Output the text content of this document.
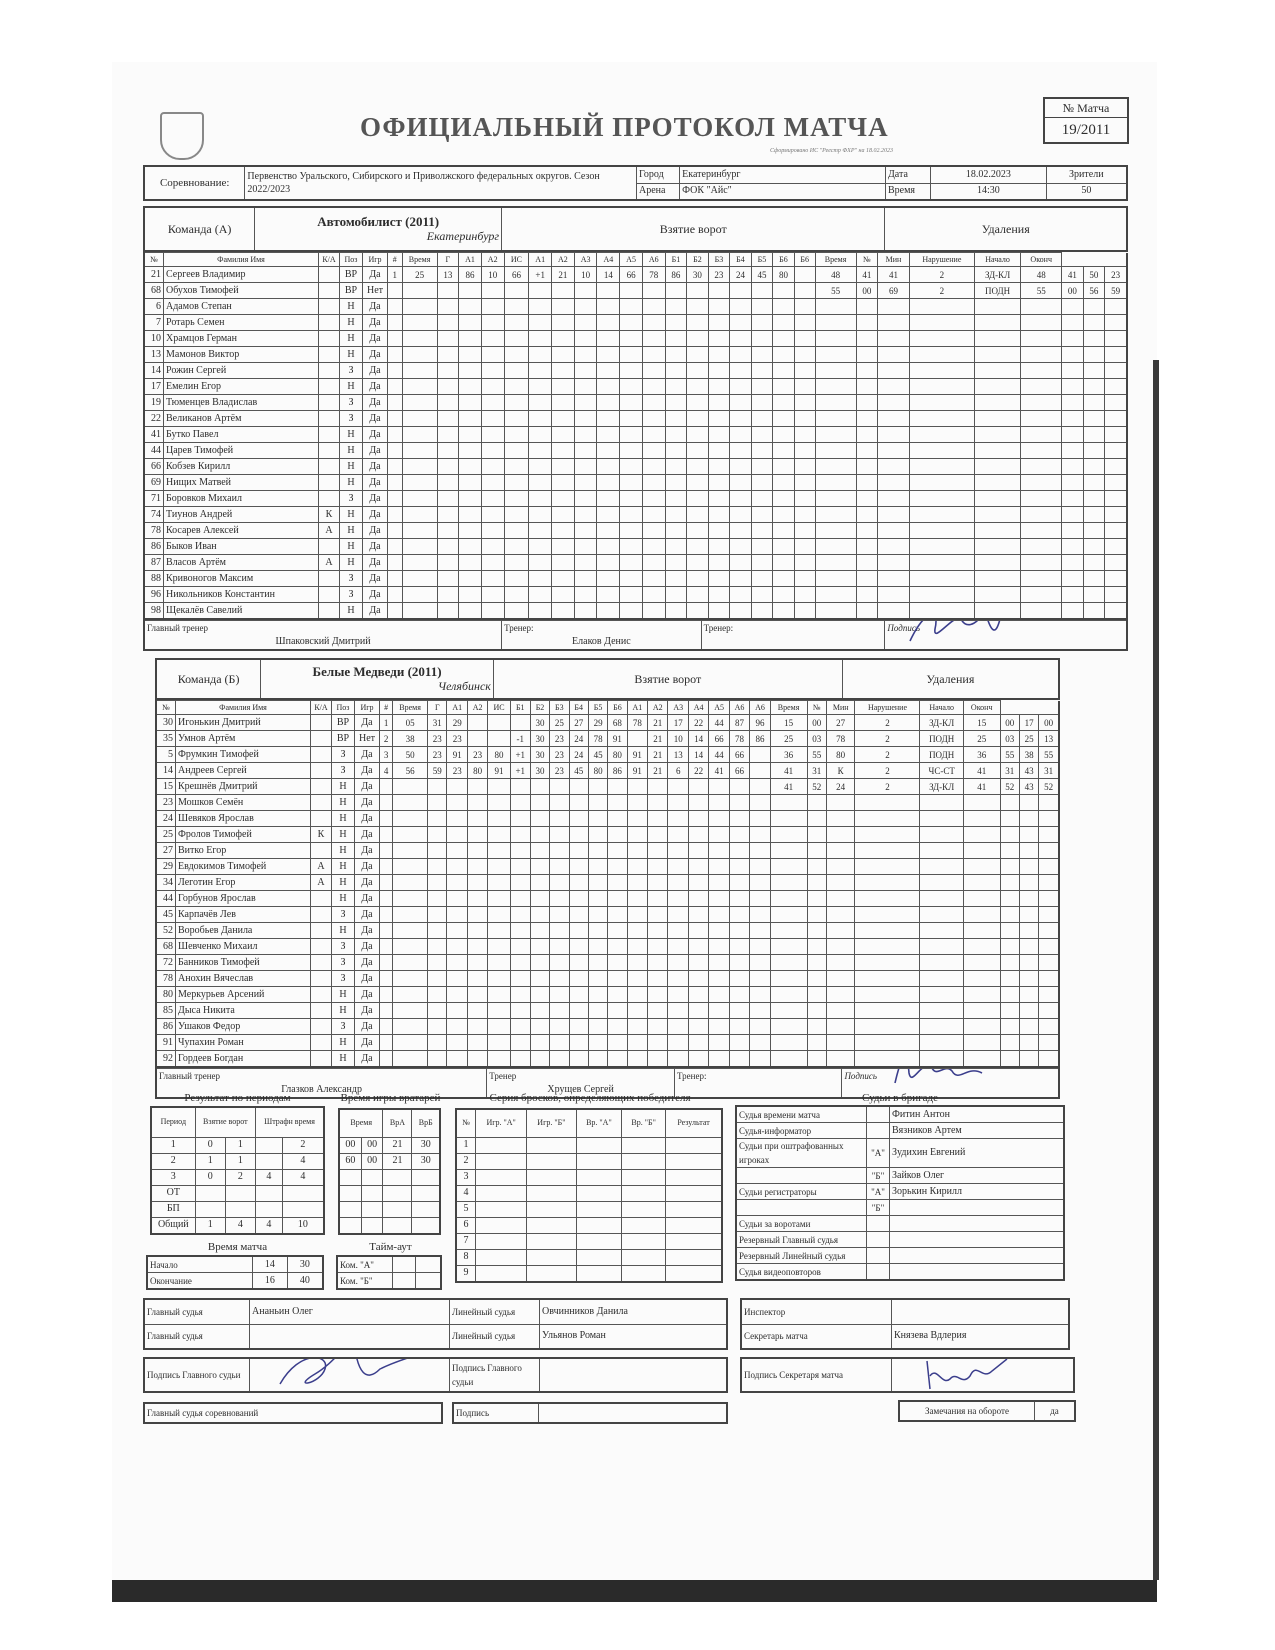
ОФИЦИАЛЬНЫЙ ПРОТОКОЛ МАТЧА
Сформировано ИС "Реестр ФХР" на 18.02.2023
№ Матча
19/2011
Соревнование:	Первенство Уральского, Сибирского и Приволжского федеральных округов. Сезон 2022/2023	Город	Екатеринбург	Дата	18.02.2023	Зрители
		Арена	ФОК "Айс"	Время	14:30	50
Команда (А)	Автомобилист (2011)
Екатеринбург	Взятие ворот	Удаления
№	Фамилия Имя	К/А	Поз	Игр	#	Время	Г	А1	А2	ИС	А1	А2	А3	А4	А5	А6	Б1	Б2	Б3	Б4	Б5	Б6	Б6	Время	№	Мин	Нарушение	Начало	Оконч			
21	Сергеев Владимир		ВР	Да	1	25	13	86	10	66	+1	21	10	14	66	78	86	30	23	24	45	80		48	41	41	2	ЗД-КЛ	48	41	50	23
68	Обухов Тимофей		ВР	Нет																				55	00	69	2	ПОДН	55	00	56	59
6	Адамов Степан		Н	Да																												
7	Ротарь Семен		Н	Да																												
10	Храмцов Герман		Н	Да																												
13	Мамонов Виктор		Н	Да																												
14	Рожин Сергей		З	Да																												
17	Емелин Егор		Н	Да																												
19	Тюменцев Владислав		З	Да																												
22	Великанов Артём		З	Да																												
41	Бутко Павел		Н	Да																												
44	Царев Тимофей		Н	Да																												
66	Кобзев Кирилл		Н	Да																												
69	Нищих Матвей		Н	Да																												
71	Боровков Михаил		З	Да																												
74	Тиунов Андрей	К	Н	Да																												
78	Косарев Алексей	А	Н	Да																												
86	Быков Иван		Н	Да																												
87	Власов Артём	А	Н	Да																												
88	Кривоногов Максим		З	Да																												
96	Никольников Константин		З	Да																												
98	Щекалёв Савелий		Н	Да																												
Главный тренер
Шпаковский Дмитрий

Тренер:
Елаков Денис
	Тренер:	Подпись
Команда (Б)	Белые Медведи (2011)
Челябинск	Взятие ворот	Удаления
№	Фамилия Имя	К/А	Поз	Игр	#	Время	Г	А1	А2	ИС	Б1	Б2	Б3	Б4	Б5	Б6	А1	А2	А3	А4	А5	А6	А6	Время	№	Мин	Нарушение	Начало	Оконч			
30	Игонькин Дмитрий		ВР	Да	1	05	31	29				30	25	27	29	68	78	21	17	22	44	87	96	15	00	27	2	ЗД-КЛ	15	00	17	00
35	Умнов Артём		ВР	Нет	2	38	23	23			-1	30	23	24	78	91		21	10	14	66	78	86	25	03	78	2	ПОДН	25	03	25	13
5	Фрумкин Тимофей		З	Да	3	50	23	91	23	80	+1	30	23	24	45	80	91	21	13	14	44	66		36	55	80	2	ПОДН	36	55	38	55
14	Андреев Сергей		З	Да	4	56	59	23	80	91	+1	30	23	45	80	86	91	21	6	22	41	66		41	31	К	2	ЧС-СТ	41	31	43	31
15	Крешнёв Дмитрий		Н	Да																				41	52	24	2	ЗД-КЛ	41	52	43	52
23	Мошков Семён		Н	Да																												
24	Шевяков Ярослав		Н	Да																												
25	Фролов Тимофей	К	Н	Да																												
27	Витко Егор		Н	Да																												
29	Евдокимов Тимофей	А	Н	Да																												
34	Леготин Егор	А	Н	Да																												
44	Горбунов Ярослав		Н	Да																												
45	Карпачёв Лев		З	Да																												
52	Воробьев Данила		Н	Да																												
68	Шевченко Михаил		З	Да																												
72	Банников Тимофей		З	Да																												
78	Анохин Вячеслав		З	Да																												
80	Меркурьев Арсений		Н	Да																												
85	Дыса Никита		Н	Да																												
86	Ушаков Федор		З	Да																												
91	Чупахин Роман		Н	Да																												
92	Гордеев Богдан		Н	Да																												
Главный тренер
Глазков Александр

Тренер
Хрущев Сергей
	Тренер:	Подпись
Результат по периодам
Период	Взятие ворот		Штрафн время	
1	0	1		2
2	1	1		4
3	0	2	4	4
ОТ				
БП				
Общий	1	4	4	10
Время матча
Начало	14	30
Окончание	16	40
Время игры вратарей
Время		ВрА	ВрБ
00	00	21	30
60	00	21	30

Тайм-аут
Ком. "А"		
Ком. "Б"		
Серия бросков, определяющих победителя
№	Игр. "А"	Игр. "Б"	Вр. "А"	Вр. "Б"	Результат
1					
2					
3					
4					
5					
6					
7					
8					
9					
Судьи в бригаде
Судья времени матча		Фитин Антон
Судья-информатор		Вязников Артем
Судьи при оштрафованных игроках	"А"	Зудихин Евгений
	"Б"	Зайков Олег
Судьи регистраторы	"А"	Зорькин Кирилл
	"Б"	
Судьи за воротами		
Резервный Главный судья		
Резервный Линейный судья		
Судья видеоповторов		
Главный судья	Ананьин Олег	Линейный судья	Овчинников Данила
Главный судья		Линейный судья	Ульянов Роман
Подпись Главного судьи	
	Подпись Главного судьи	
Главный судья соревнований	Подпись	
Инспектор	
Секретарь матча	Князева Вдлерия
Подпись Секретаря матча	
Замечания на обороте	да
